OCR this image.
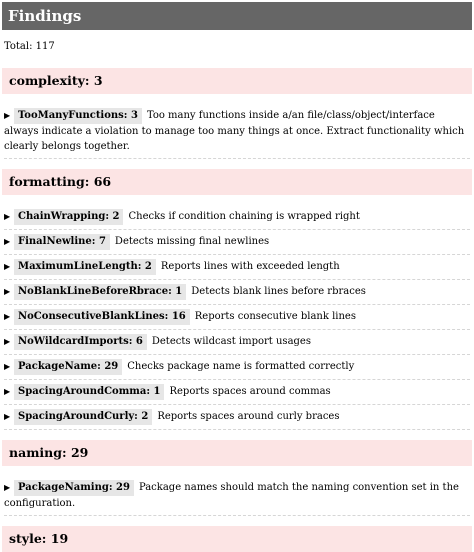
Findings
Total: 117
complexity: 3
▶ TooManyFunctions: 3 Too many functions inside a/an file/class/object/interface always indicate a violation to manage too many things at once. Extract functionality which clearly belongs together.
formatting: 66
▶ ChainWrapping: 2 Checks if condition chaining is wrapped right
▶ FinalNewline: 7 Detects missing final newlines
▶ MaximumLineLength: 2 Reports lines with exceeded length
▶ NoBlankLineBeforeRbrace: 1 Detects blank lines before rbraces
▶ NoConsecutiveBlankLines: 16 Reports consecutive blank lines
▶ NoWildcardImports: 6 Detects wildcast import usages
▶ PackageName: 29 Checks package name is formatted correctly
▶ SpacingAroundComma: 1 Reports spaces around commas
▶ SpacingAroundCurly: 2 Reports spaces around curly braces
naming: 29
▶ PackageNaming: 29 Package names should match the naming convention set in the configuration.
style: 19
